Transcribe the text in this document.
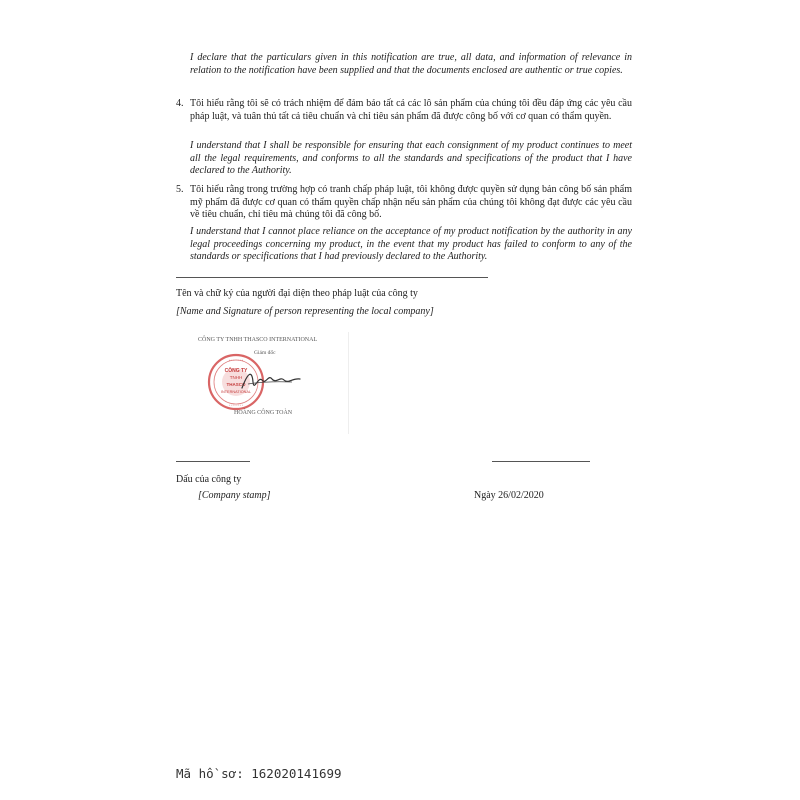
I declare that the particulars given in this notification are true, all data, and information of relevance in relation to the notification have been supplied and that the documents enclosed are authentic or true copies.
4. Tôi hiểu rằng tôi sẽ có trách nhiệm để đảm bảo tất cả các lô sản phẩm của chúng tôi đều đáp ứng các yêu cầu pháp luật, và tuân thủ tất cả tiêu chuẩn và chỉ tiêu sản phẩm đã được công bố với cơ quan có thẩm quyền.
I understand that I shall be responsible for ensuring that each consignment of my product continues to meet all the legal requirements, and conforms to all the standards and specifications of the product that I have declared to the Authority.
5. Tôi hiểu rằng trong trường hợp có tranh chấp pháp luật, tôi không được quyền sử dụng bản công bố sản phẩm mỹ phẩm đã được cơ quan có thẩm quyền chấp nhận nếu sản phẩm của chúng tôi không đạt được các yêu cầu về tiêu chuẩn, chỉ tiêu mà chúng tôi đã công bố.
I understand that I cannot place reliance on the acceptance of my product notification by the authority in any legal proceedings concerning my product, in the event that my product has failed to conform to any of the standards or specifications that I had previously declared to the Authority.
Tên và chữ ký của người đại diện theo pháp luật của công ty
[Name and Signature of person representing the local company]
CÔNG TY TNHH THASCO INTERNATIONAL
Giám đốc
CÔNG TY
TNHH
THASCO
INTERNATIONAL
• • • • • • • •
• • • • • • • •
HOÀNG CÔNG TOÀN
Dấu của công ty
[Company stamp]	Ngày 26/02/2020
Mã hồ sơ: 162020141699
